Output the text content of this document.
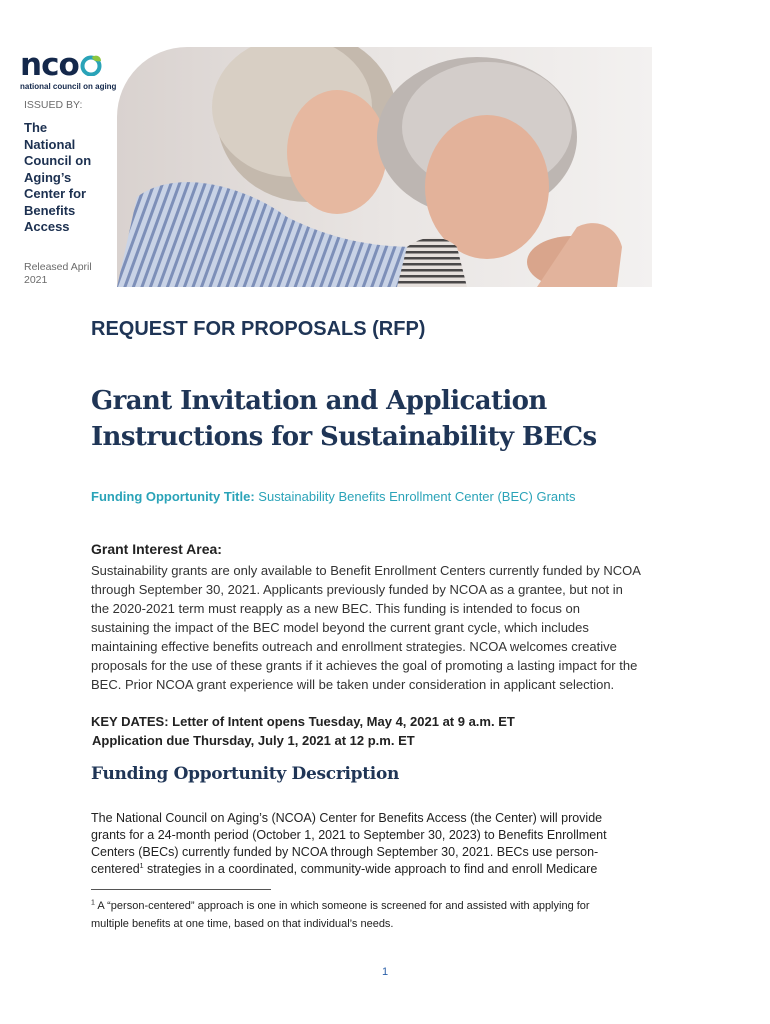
nco
national council on aging
ISSUED BY:
The
National
Council on
Aging’s
Center for
Benefits
Access
Released April
2021
REQUEST FOR PROPOSALS (RFP)
Grant Invitation and Application
Instructions for Sustainability BECs
Funding Opportunity Title: Sustainability Benefits Enrollment Center (BEC) Grants
Grant Interest Area:
Sustainability grants are only available to Benefit Enrollment Centers currently funded by NCOA
through September 30, 2021. Applicants previously funded by NCOA as a grantee, but not in
the 2020-2021 term must reapply as a new BEC. This funding is intended to focus on
sustaining the impact of the BEC model beyond the current grant cycle, which includes
maintaining effective benefits outreach and enrollment strategies. NCOA welcomes creative
proposals for the use of these grants if it achieves the goal of promoting a lasting impact for the
BEC. Prior NCOA grant experience will be taken under consideration in applicant selection.
KEY DATES: Letter of Intent opens Tuesday, May 4, 2021 at 9 a.m. ET
Application due Thursday, July 1, 2021 at 12 p.m. ET
Funding Opportunity Description
The National Council on Aging’s (NCOA) Center for Benefits Access (the Center) will provide
grants for a 24-month period (October 1, 2021 to September 30, 2023) to Benefits Enrollment
Centers (BECs) currently funded by NCOA through September 30, 2021. BECs use person-
centered$^1$ strategies in a coordinated, community-wide approach to find and enroll Medicare
$^1$ A “person-centered” approach is one in which someone is screened for and assisted with applying for
multiple benefits at one time, based on that individual’s needs.
1
